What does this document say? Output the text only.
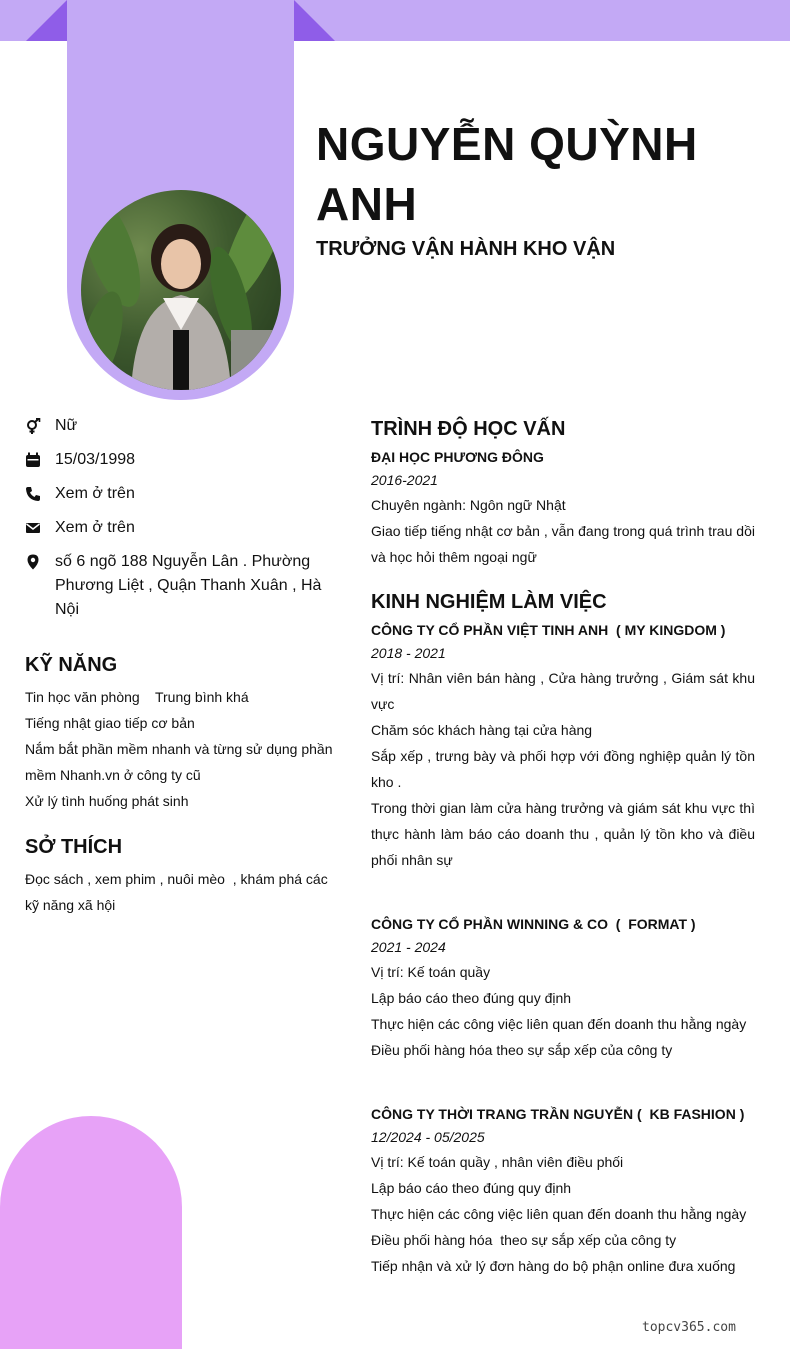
NGUYỄN QUỲNH ANH
TRƯỞNG VẬN HÀNH KHO VẬN
Nữ
15/03/1998
Xem ở trên
Xem ở trên
số 6 ngõ 188 Nguyễn Lân . Phường Phương Liệt , Quận Thanh Xuân , Hà Nội
KỸ NĂNG

Tin học văn phòng    Trung bình khá

Tiếng nhật giao tiếp cơ bản

Nắm bắt phần mềm nhanh và từng sử dụng phần mềm Nhanh.vn ở công ty cũ

Xử lý tình huống phát sinh

SỞ THÍCH

Đọc sách , xem phim , nuôi mèo  , khám phá các kỹ năng xã hội

TRÌNH ĐỘ HỌC VẤN

ĐẠI HỌC PHƯƠNG ĐÔNG

2016-2021

Chuyên ngành: Ngôn ngữ Nhật

Giao tiếp tiếng nhật cơ bản , vẫn đang trong quá trình trau dồi và học hỏi thêm ngoại ngữ

KINH NGHIỆM LÀM VIỆC

CÔNG TY CỔ PHẦN VIỆT TINH ANH  ( MY KINGDOM )

2018 - 2021

Vị trí: Nhân viên bán hàng , Cửa hàng trưởng , Giám sát khu vực

Chăm sóc khách hàng tại cửa hàng

Sắp xếp , trưng bày và phối hợp với đồng nghiệp quản lý tồn kho .

Trong thời gian làm cửa hàng trưởng và giám sát khu vực thì thực hành làm báo cáo doanh thu , quản lý tồn kho và điều phối nhân sự

CÔNG TY CỔ PHẦN WINNING & CO  (  FORMAT )

2021 - 2024

Vị trí: Kế toán quầy

Lập báo cáo theo đúng quy định

Thực hiện các công việc liên quan đến doanh thu hằng ngày

Điều phối hàng hóa theo sự sắp xếp của công ty

CÔNG TY THỜI TRANG TRẦN NGUYỄN (  KB FASHION )

12/2024 - 05/2025

Vị trí: Kế toán quầy , nhân viên điều phối

Lập báo cáo theo đúng quy định

Thực hiện các công việc liên quan đến doanh thu hằng ngày

Điều phối hàng hóa  theo sự sắp xếp của công ty

Tiếp nhận và xử lý đơn hàng do bộ phận online đưa xuống

topcv365.com
